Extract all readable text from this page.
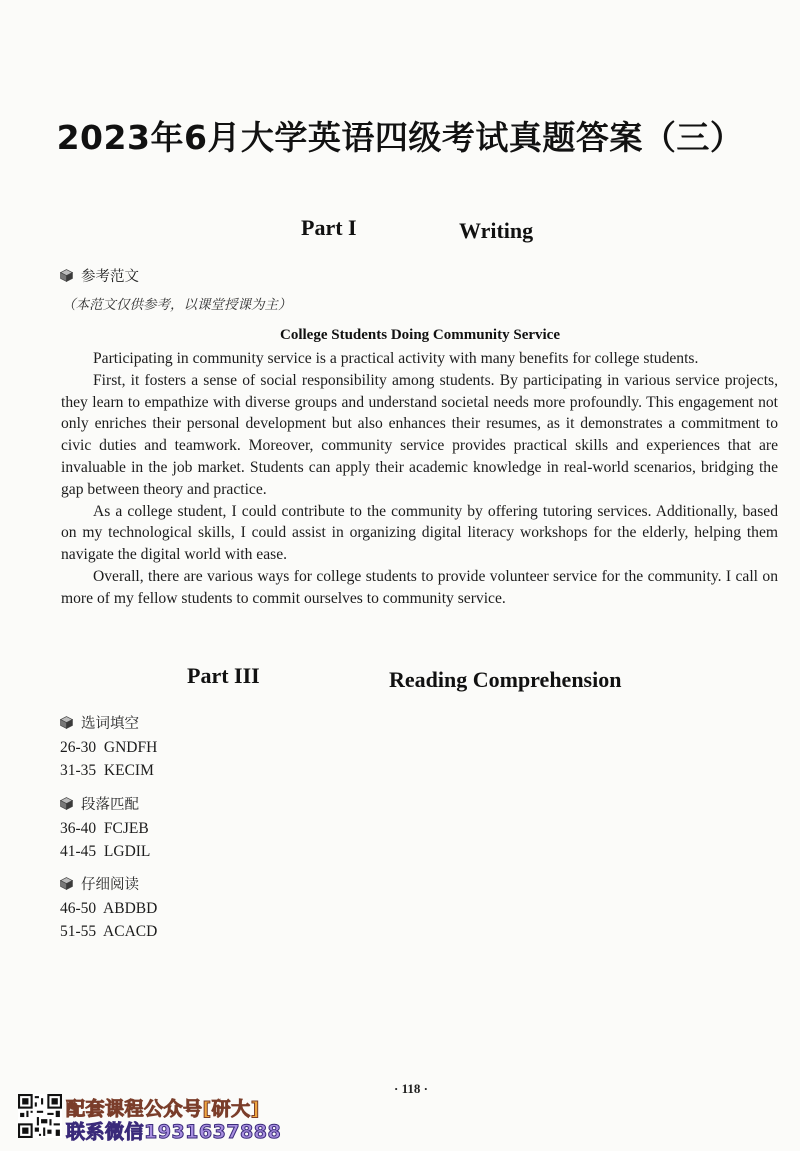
2023年6月大学英语四级考试真题答案（三）
Part I	Writing
参考范文
（本范文仅供参考，以课堂授课为主）
College Students Doing Community Service

Participating in community service is a practical activity with many benefits for college students.

First, it fosters a sense of social responsibility among students. By participating in various service projects, they learn to empathize with diverse groups and understand societal needs more profoundly. This engagement not only enriches their personal development but also enhances their resumes, as it demonstrates a commitment to civic duties and teamwork. Moreover, community service provides practical skills and experiences that are invaluable in the job market. Students can apply their academic knowledge in real-world scenarios, bridging the gap between theory and practice.

As a college student, I could contribute to the community by offering tutoring services. Additionally, based on my technological skills, I could assist in organizing digital literacy workshops for the elderly, helping them navigate the digital world with ease.

Overall, there are various ways for college students to provide volunteer service for the community. I call on more of my fellow students to commit ourselves to community service.

Part III	Reading Comprehension
选词填空
26-30  GNDFH
31-35  KECIM
段落匹配
36-40  FCJEB
41-45  LGDIL
仔细阅读
46-50  ABDBD
51-55  ACACD
· 118 ·
配套课程公众号[研大]
联系微信1931637888
